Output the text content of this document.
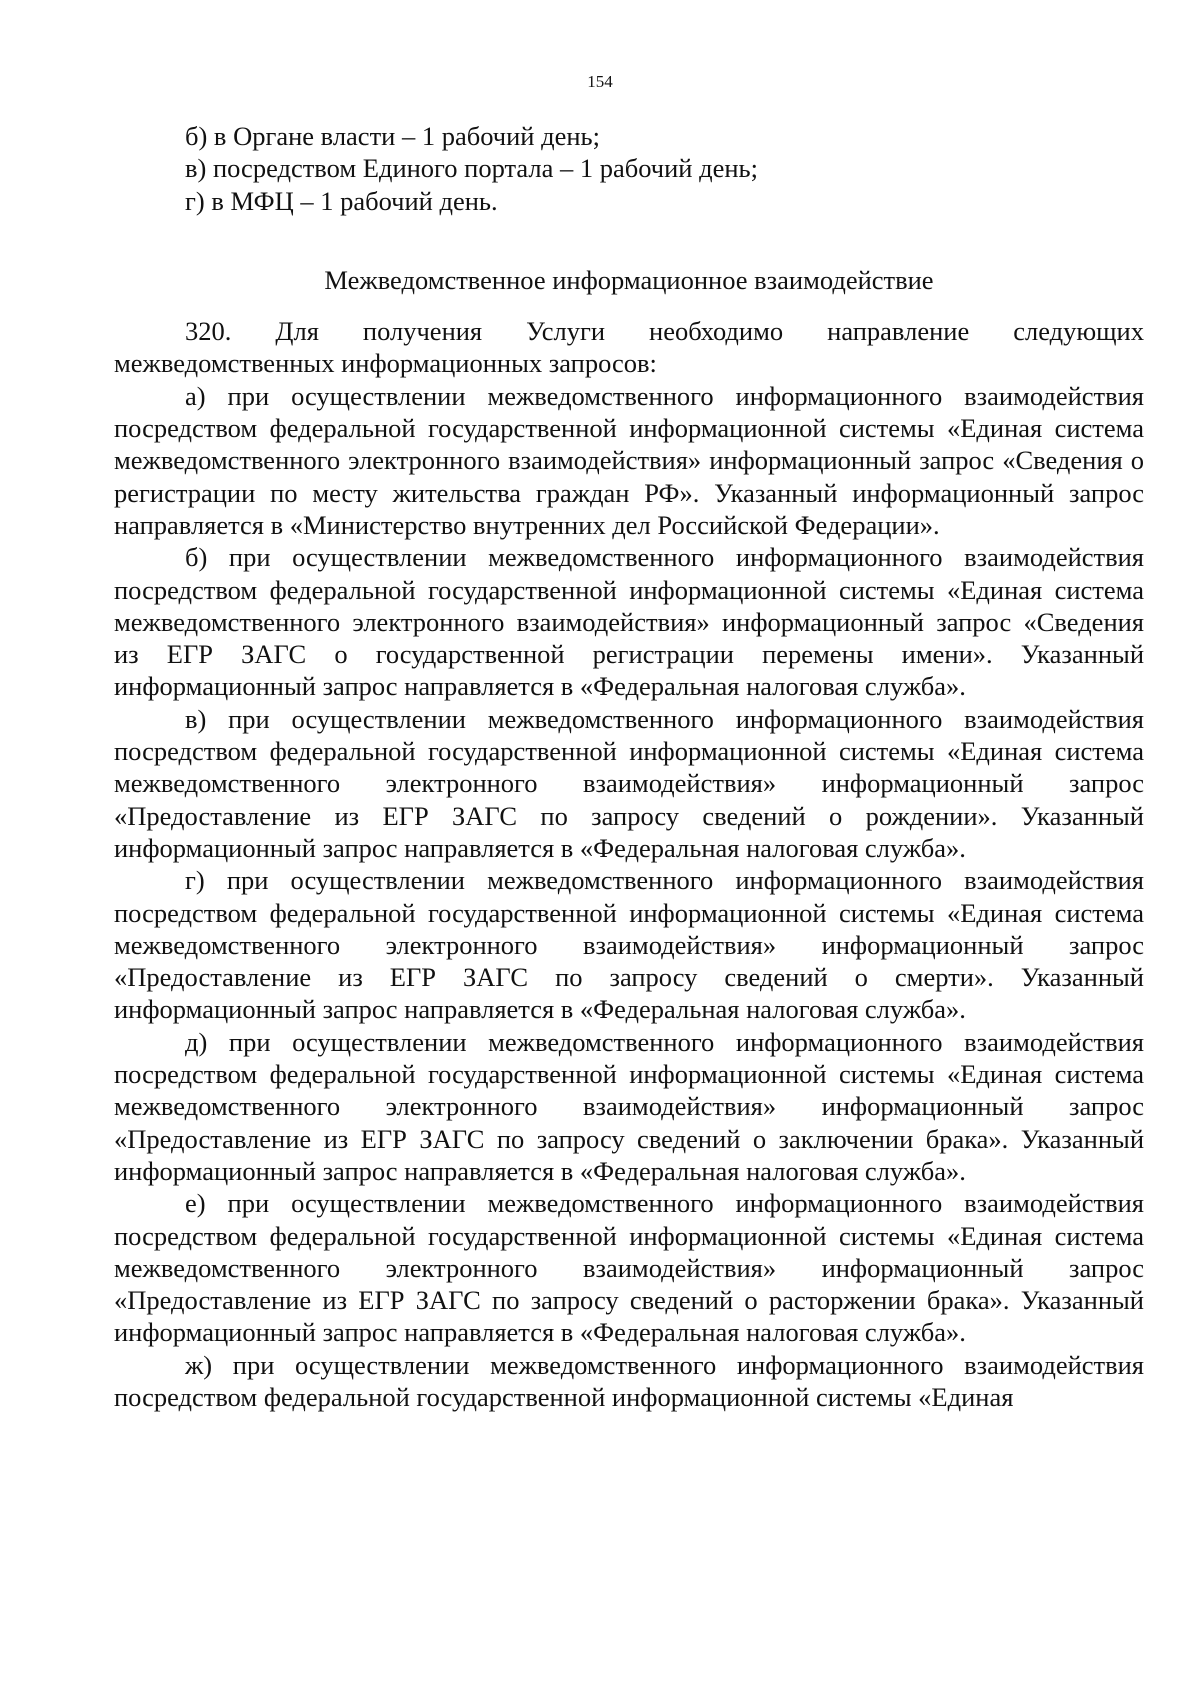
154

б) в Органе власти – 1 рабочий день;

в) посредством Единого портала – 1 рабочий день;

г) в МФЦ – 1 рабочий день.

Межведомственное информационное взаимодействие

320. Для получения Услуги необходимо направление следующих межведомственных информационных запросов:

а) при осуществлении межведомственного информационного взаимодействия посредством федеральной государственной информационной системы «Единая система межведомственного электронного взаимодействия» информационный запрос «Сведения о регистрации по месту жительства граждан РФ». Указанный информационный запрос направляется в «Министерство внутренних дел Российской Федерации».

б) при осуществлении межведомственного информационного взаимодействия посредством федеральной государственной информационной системы «Единая система межведомственного электронного взаимодействия» информационный запрос «Сведения из ЕГР ЗАГС о государственной регистрации перемены имени». Указанный информационный запрос направляется в «Федеральная налоговая служба».

в) при осуществлении межведомственного информационного взаимодействия посредством федеральной государственной информационной системы «Единая система межведомственного электронного взаимодействия» информационный запрос «Предоставление из ЕГР ЗАГС по запросу сведений о рождении». Указанный информационный запрос направляется в «Федеральная налоговая служба».

г) при осуществлении межведомственного информационного взаимодействия посредством федеральной государственной информационной системы «Единая система межведомственного электронного взаимодействия» информационный запрос «Предоставление из ЕГР ЗАГС по запросу сведений о смерти». Указанный информационный запрос направляется в «Федеральная налоговая служба».

д) при осуществлении межведомственного информационного взаимодействия посредством федеральной государственной информационной системы «Единая система межведомственного электронного взаимодействия» информационный запрос «Предоставление из ЕГР ЗАГС по запросу сведений о заключении брака». Указанный информационный запрос направляется в «Федеральная налоговая служба».

е) при осуществлении межведомственного информационного взаимодействия посредством федеральной государственной информационной системы «Единая система межведомственного электронного взаимодействия» информационный запрос «Предоставление из ЕГР ЗАГС по запросу сведений о расторжении брака». Указанный информационный запрос направляется в «Федеральная налоговая служба».

ж) при осуществлении межведомственного информационного взаимодействия посредством федеральной государственной информационной системы «Единая
